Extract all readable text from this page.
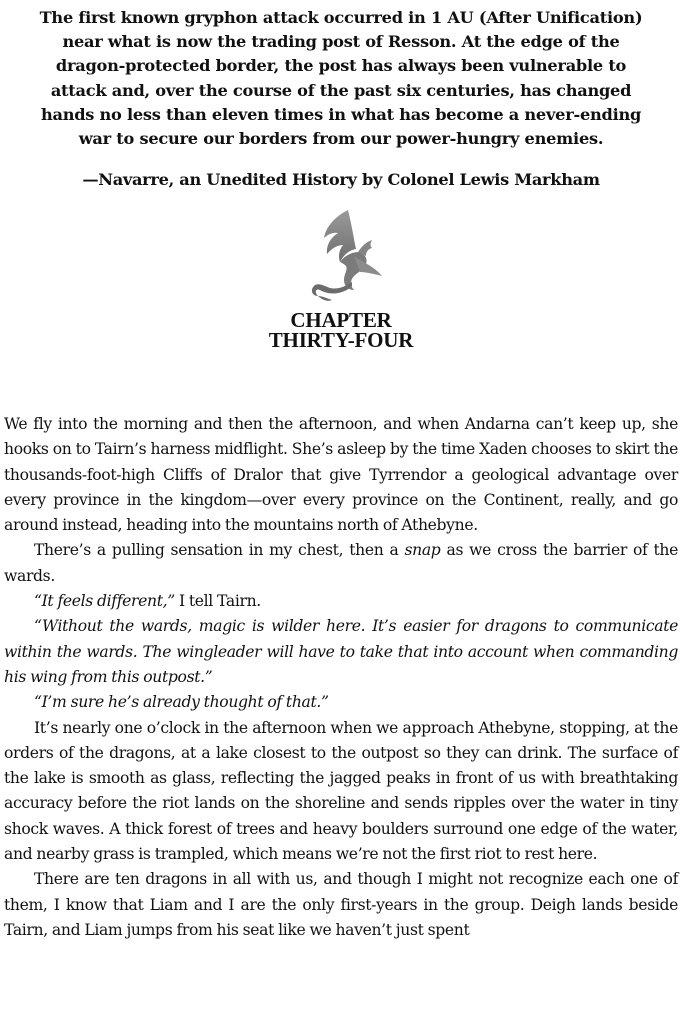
The first known gryphon attack occurred in 1 AU (After Unification) near what is now the trading post of Resson. At the edge of the dragon-protected border, the post has always been vulnerable to attack and, over the course of the past six centuries, has changed hands no less than eleven times in what has become a never-ending war to secure our borders from our power-hungry enemies.

—Navarre, an Unedited History by Colonel Lewis Markham

CHAPTER
THIRTY-FOUR

We fly into the morning and then the afternoon, and when Andarna can’t keep up, she hooks on to Tairn’s harness midflight. She’s asleep by the time Xaden chooses to skirt the thousands-foot-high Cliffs of Dralor that give Tyrrendor a geological advantage over every province in the kingdom—over every province on the Continent, really, and go around instead, heading into the mountains north of Athebyne.

There’s a pulling sensation in my chest, then a snap as we cross the barrier of the wards.

“It feels different,” I tell Tairn.

“Without the wards, magic is wilder here. It’s easier for dragons to communicate within the wards. The wingleader will have to take that into account when commanding his wing from this outpost.”

“I’m sure he’s already thought of that.”

It’s nearly one o’clock in the afternoon when we approach Athebyne, stopping, at the orders of the dragons, at a lake closest to the outpost so they can drink. The surface of the lake is smooth as glass, reflecting the jagged peaks in front of us with breathtaking accuracy before the riot lands on the shoreline and sends ripples over the water in tiny shock waves. A thick forest of trees and heavy boulders surround one edge of the water, and nearby grass is trampled, which means we’re not the first riot to rest here.

There are ten dragons in all with us, and though I might not recognize each one of them, I know that Liam and I are the only first-years in the group. Deigh lands beside Tairn, and Liam jumps from his seat like we haven’t just spent
